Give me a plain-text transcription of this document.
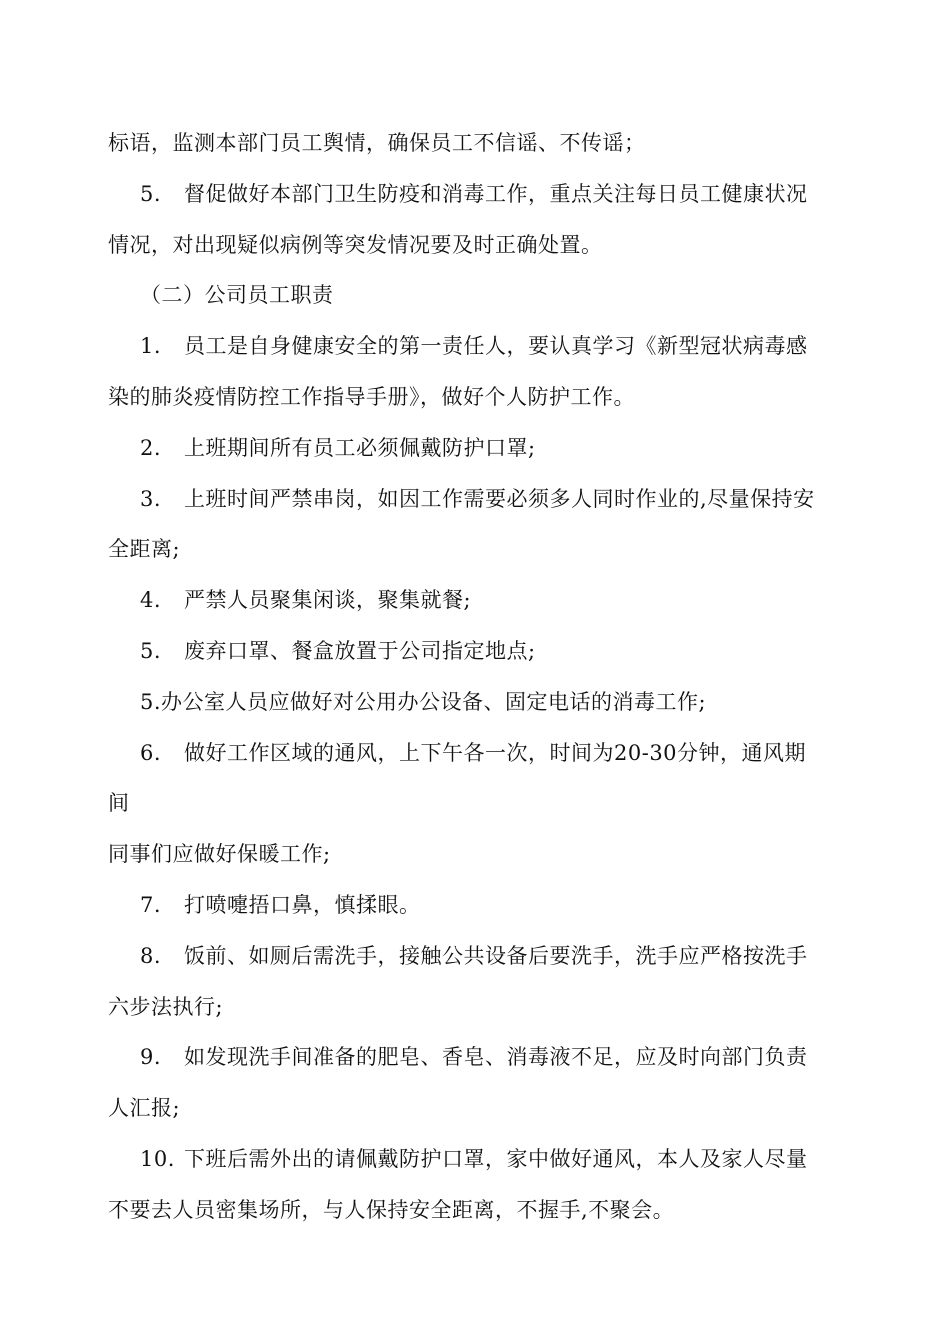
标语，监测本部门员工舆情，确保员工不信谣、不传谣；
5. 督促做好本部门卫生防疫和消毒工作，重点关注每日员工健康状况
情况，对出现疑似病例等突发情况要及时正确处置。
（二）公司员工职责
1. 员工是自身健康安全的第一责任人，要认真学习《新型冠状病毒感
染的肺炎疫情防控工作指导手册》，做好个人防护工作。
2. 上班期间所有员工必须佩戴防护口罩;
3. 上班时间严禁串岗，如因工作需要必须多人同时作业的,尽量保持安
全距离;
4. 严禁人员聚集闲谈，聚集就餐;
5. 废弃口罩、餐盒放置于公司指定地点;
5.办公室人员应做好对公用办公设备、固定电话的消毒工作;
6. 做好工作区域的通风，上下午各一次，时间为20-30分钟，通风期
间
同事们应做好保暖工作;
7. 打喷嚏捂口鼻，慎揉眼。
8. 饭前、如厕后需洗手，接触公共设备后要洗手，洗手应严格按洗手
六步法执行;
9. 如发现洗手间准备的肥皂、香皂、消毒液不足，应及时向部门负责
人汇报;
10. 下班后需外出的请佩戴防护口罩，家中做好通风，本人及家人尽量
不要去人员密集场所，与人保持安全距离，不握手,不聚会。
